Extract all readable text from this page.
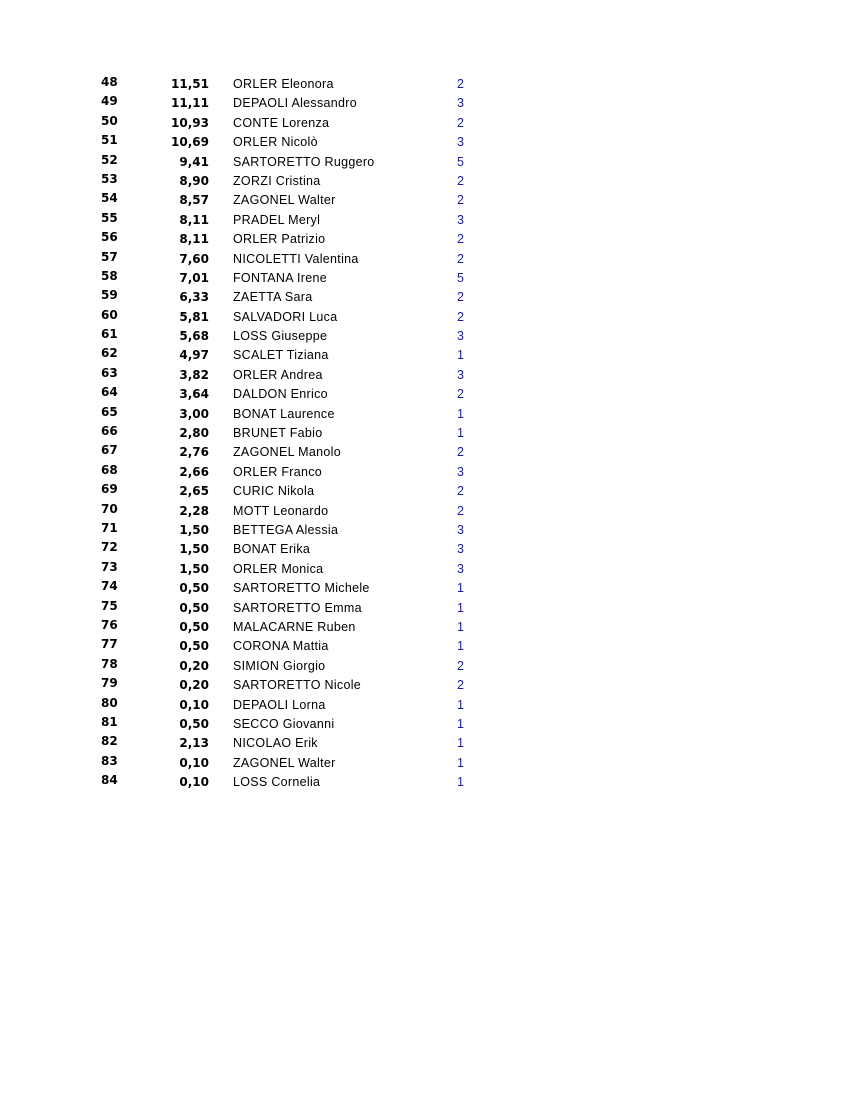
48	11,51 ORLER Eleonora	2
49	11,11 DEPAOLI Alessandro	3
50	10,93 CONTE Lorenza	2
51	10,69 ORLER Nicolò	3
52	9,41 SARTORETTO Ruggero	5
53	8,90 ZORZI Cristina	2
54	8,57 ZAGONEL Walter	2
55	8,11 PRADEL Meryl	3
56	8,11 ORLER Patrizio	2
57	7,60 NICOLETTI Valentina	2
58	7,01 FONTANA Irene	5
59	6,33 ZAETTA Sara	2
60	5,81 SALVADORI Luca	2
61	5,68 LOSS Giuseppe	3
62	4,97 SCALET Tiziana	1
63	3,82 ORLER Andrea	3
64	3,64 DALDON Enrico	2
65	3,00 BONAT Laurence	1
66	2,80 BRUNET Fabio	1
67	2,76 ZAGONEL Manolo	2
68	2,66 ORLER Franco	3
69	2,65 CURIC Nikola	2
70	2,28 MOTT Leonardo	2
71	1,50 BETTEGA Alessia	3
72	1,50 BONAT Erika	3
73	1,50 ORLER Monica	3
74	0,50 SARTORETTO Michele	1
75	0,50 SARTORETTO Emma	1
76	0,50 MALACARNE Ruben	1
77	0,50 CORONA Mattia	1
78	0,20 SIMION Giorgio	2
79	0,20 SARTORETTO Nicole	2
80	0,10 DEPAOLI Lorna	1
81	0,50 SECCO Giovanni	1
82	2,13 NICOLAO Erik	1
83	0,10 ZAGONEL Walter	1
84	0,10 LOSS Cornelia	1
